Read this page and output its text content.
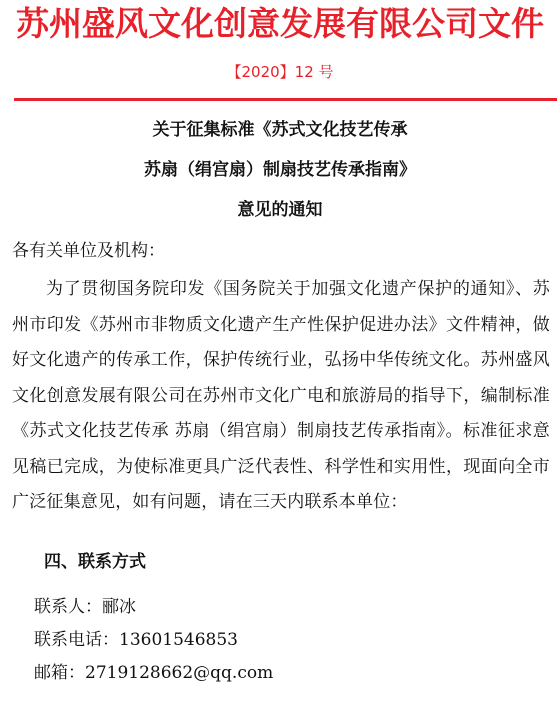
苏州盛风文化创意发展有限公司文件
【2020】12 号
关于征集标准《苏式文化技艺传承
苏扇（绢宫扇）制扇技艺传承指南》
意见的通知
各有关单位及机构：
为了贯彻国务院印发《国务院关于加强文化遗产保护的通知》、苏州市印发《苏州市非物质文化遗产生产性保护促进办法》文件精神，做好文化遗产的传承工作，保护传统行业，弘扬中华传统文化。苏州盛风文化创意发展有限公司在苏州市文化广电和旅游局的指导下，编制标准《苏式文化技艺传承 苏扇（绢宫扇）制扇技艺传承指南》。标准征求意见稿已完成，为使标准更具广泛代表性、科学性和实用性，现面向全市广泛征集意见，如有问题，请在三天内联系本单位：
四、联系方式
联系人：郦冰
联系电话：13601546853
邮箱：2719128662@qq.com
